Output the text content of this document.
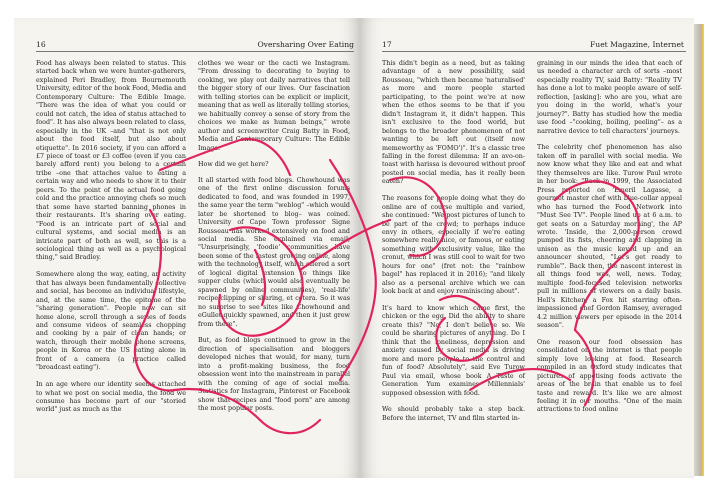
16	Oversharing Over Eating

Food has always been related to status. This started back when we were hunter-gatherers, explained Peri Bradley, from Bournemouth University, editor of the book Food, Media and Contemporary Culture: The Edible Image. "There was the idea of what you could or could not catch, the idea of status attached to food". It has also always been related to class, especially in the UK –and "that is not only about the food itself, but also about etiquette". In 2016 society, if you can afford a £7 piece of toast or £3 coffee (even if you can barely afford rent) you belong to a certain tribe –one that attaches value to eating a certain way and who needs to show it to their peers. To the point of the actual food going cold and the practice annoying chefs so much that some have started banning phones in their restaurants. It's sharing over eating. "Food is an intricate part of social and cultural systems, and social media is an intricate part of both as well, so this is a sociological thing as well as a psychological thing," said Bradley.

Somewhere along the way, eating, an activity that has always been fundamentally collective and social, has become an individual lifestyle, and, at the same time, the epitome of the "sharing generation". People now can sit home alone, scroll through a series of feeds and consume videos of seamless chopping and cooking by a pair of clean hands; or watch, through their mobile phone screens, people in Korea or the US eating alone in front of a camera (a practice called "broadcast eating").

In an age where our identity seems attached to what we post on social media, the food we consume has become part of our "storied world" just as much as the

clothes we wear or the cacti we Instagram. "From dressing to decorating to buying to cooking, we play out daily narratives that tell the bigger story of our lives. Our fascination with telling stories can be explicit or implicit, meaning that as well as literally telling stories, we habitually convey a sense of story from the choices we make as human beings," wrote author and screenwriter Craig Batty in Food, Media and Contemporary Culture: The Edible Image.

How did we get here?

It all started with food blogs. Chowhound was one of the first online discussion forums dedicated to food, and was founded in 1997, the same year the term "weblog" –which would later be shortened to blog– was coined. University of Cape Town professor Signe Rousseau has worked extensively on food and social media. She explained via email, "Unsurprisingly, 'foodie' communities have been some of the fastest growing online, along with the technology itself, which offered a sort of logical digital extension to things like supper clubs (which would also eventually be spawned by online communities), 'real-life' recipe-clipping or sharing, et cetera. So it was no surprise to see sites like Chowhound and eGullet quickly spawned, and then it just grew from there".

But, as food blogs continued to grow in the direction of specialisation and bloggers developed niches that would, for many, turn into a profit-making business, the food obsession went into the mainstream in parallel with the coming of age of social media. Statistics for Instagram, Pinterest or Facebook show that recipes and "food porn" are among the most popular posts.

17	Fuet Magazine, Internet

This didn't begin as a need, but as taking advantage of a new possibility, said Rousseau, "which then became 'naturalised' as more and more people started participating, to the point we're at now when the ethos seems to be that if you didn't Instagram it, it didn't happen. This isn't exclusive to the food world, but belongs to the broader phenomenon of not wanting to be left out (itself now memeworthy as 'FOMO')". It's a classic tree falling in the forest dilemma: If an avo-on-toast with harissa is devoured without proof posted on social media, has it really been eaten?

The reasons for people doing what they do online are of course multiple and varied, she continued: "We post pictures of lunch to be part of the crowd; to perhaps induce envy in others, especially if we're eating somewhere really nice, or famous, or eating something with exclusivity value, like the cronut, which I was still cool to wait for two hours for one" (fret not: the "rainbow bagel" has replaced it in 2016); "and likely also as a personal archive which we can look back at and enjoy reminiscing about".

It's hard to know which came first, the chicken or the egg. Did the ability to share create this? "No, I don't believe so. We could be sharing pictures of anything. Do I think that the loneliness, depression and anxiety caused by social media is driving more and more people to the control and fun of food? Absolutely", said Eve Turow Paul via email, whose book A Taste of Generation Yum examines Millennials' supposed obsession with food.

We should probably take a step back. Before the internet, TV and film started in-

graining in our minds the idea that each of us needed a character arch of sorts –most especially reality TV, said Batty: "Reality TV has done a lot to make people aware of self-reflection, [asking]: who are you, what are you doing in the world, what's your journey?". Batty has studied how the media use food –"cooking, boiling, peeling"– as a narrative device to tell characters' journeys.

The celebrity chef phenomenon has also taken off in parallel with social media. We now know what they like and eat and what they themselves are like. Turow Paul wrote in her book: "Back in 1999, the Associated Press reported on 'Emeril Lagasse, a gourmet master chef with blue-collar appeal who has turned the Food Network into "Must See TV". People lined up at 6 a.m. to get seats on a Saturday morning', the AP wrote. 'Inside, the 2,000-person crowd pumped its fists, cheering and clapping in unison as the music keyed up and an announcer shouted, "Let's get ready to rumble"'. Back then, the nascent interest in all things food was, well, news. Today, multiple food-focused television networks pull in millions of viewers on a daily basis. Hell's Kitchen, a Fox hit starring often-impassioned chef Gordon Ramsey, averaged 4.2 million viewers per episode in the 2014 season".

One reason our food obsession has consolidated on the internet is that people simply love looking at food. Research compiled in an Oxford study indicates that pictures of appetising foods activate the areas of the brain that enable us to feel taste and reward. It's like we are almost feeling it in our mouths. "One of the main attractions to food online
